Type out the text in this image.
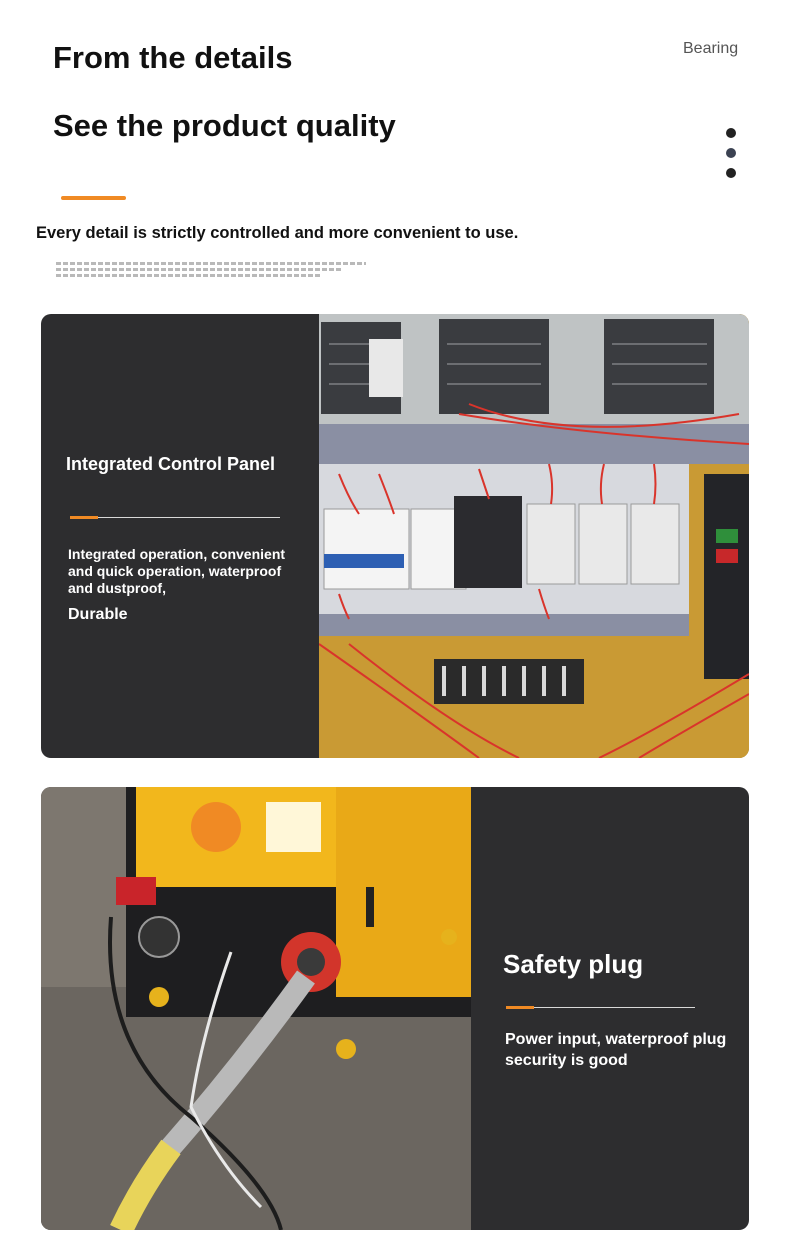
From the details
See the product quality
Bearing

Every detail is strictly controlled and more convenient to use.

Integrated Control Panel
Integrated operation, convenient and quick operation, waterproof and dustproof,
Durable
Safety plug
Power input, waterproof plug security is good
